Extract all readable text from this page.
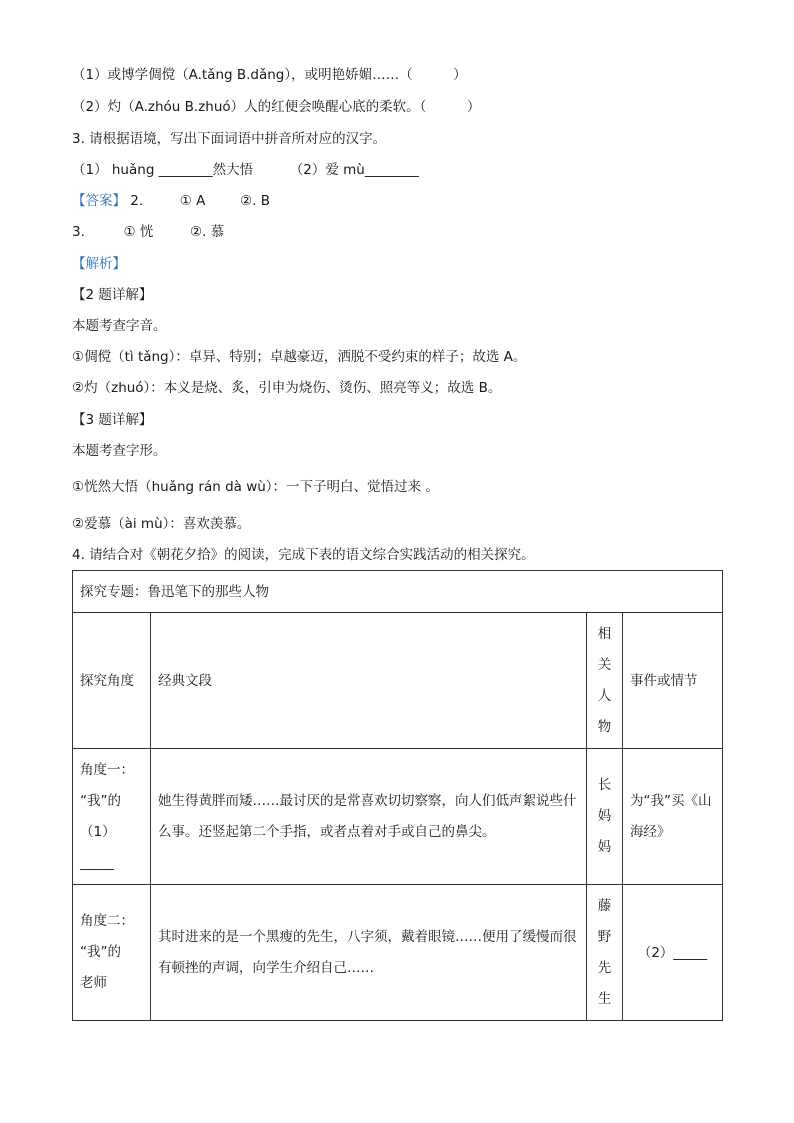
（1）或博学倜傥（A.tǎng B.dǎng），或明艳娇媚……（　　　）
（2）灼（A.zhóu B.zhuó）人的红便会唤醒心底的柔软。（　　　）
3. 请根据语境，写出下面词语中拼音所对应的汉字。
（1） huǎng ________然大悟	（2）爱 mù________
【答案】 2.	① A	②. B
3.	① 恍	②. 慕
【解析】
【2 题详解】
本题考查字音。
①倜傥（tì tǎng）：卓异、特别；卓越豪迈，洒脱不受约束的样子；故选 A。
②灼（zhuó）：本义是烧、炙，引申为烧伤、烫伤、照亮等义；故选 B。
【3 题详解】
本题考查字形。
①恍然大悟（huǎng rán dà wù）：一下子明白、觉悟过来 。
②爱慕（ài mù）：喜欢羡慕。
4. 请结合对《朝花夕拾》的阅读，完成下表的语文综合实践活动的相关探究。
探究专题：鲁迅笔下的那些人物			
探究角度	经典文段	相
关
人
物	事件或情节

角度一：
“我”的
（1）
_____	她生得黄胖而矮……最讨厌的是常喜欢切切察察，向人们低声絮说些什么事。还竖起第二个手指，或者点着对手或自己的鼻尖。	长
妈
妈	为“我”买《山海经》

角度二：
“我”的
老师	其时进来的是一个黑瘦的先生，八字须，戴着眼镜……便用了缓慢而很有顿挫的声调，向学生介绍自己……	藤
野
先
生	（2）_____
